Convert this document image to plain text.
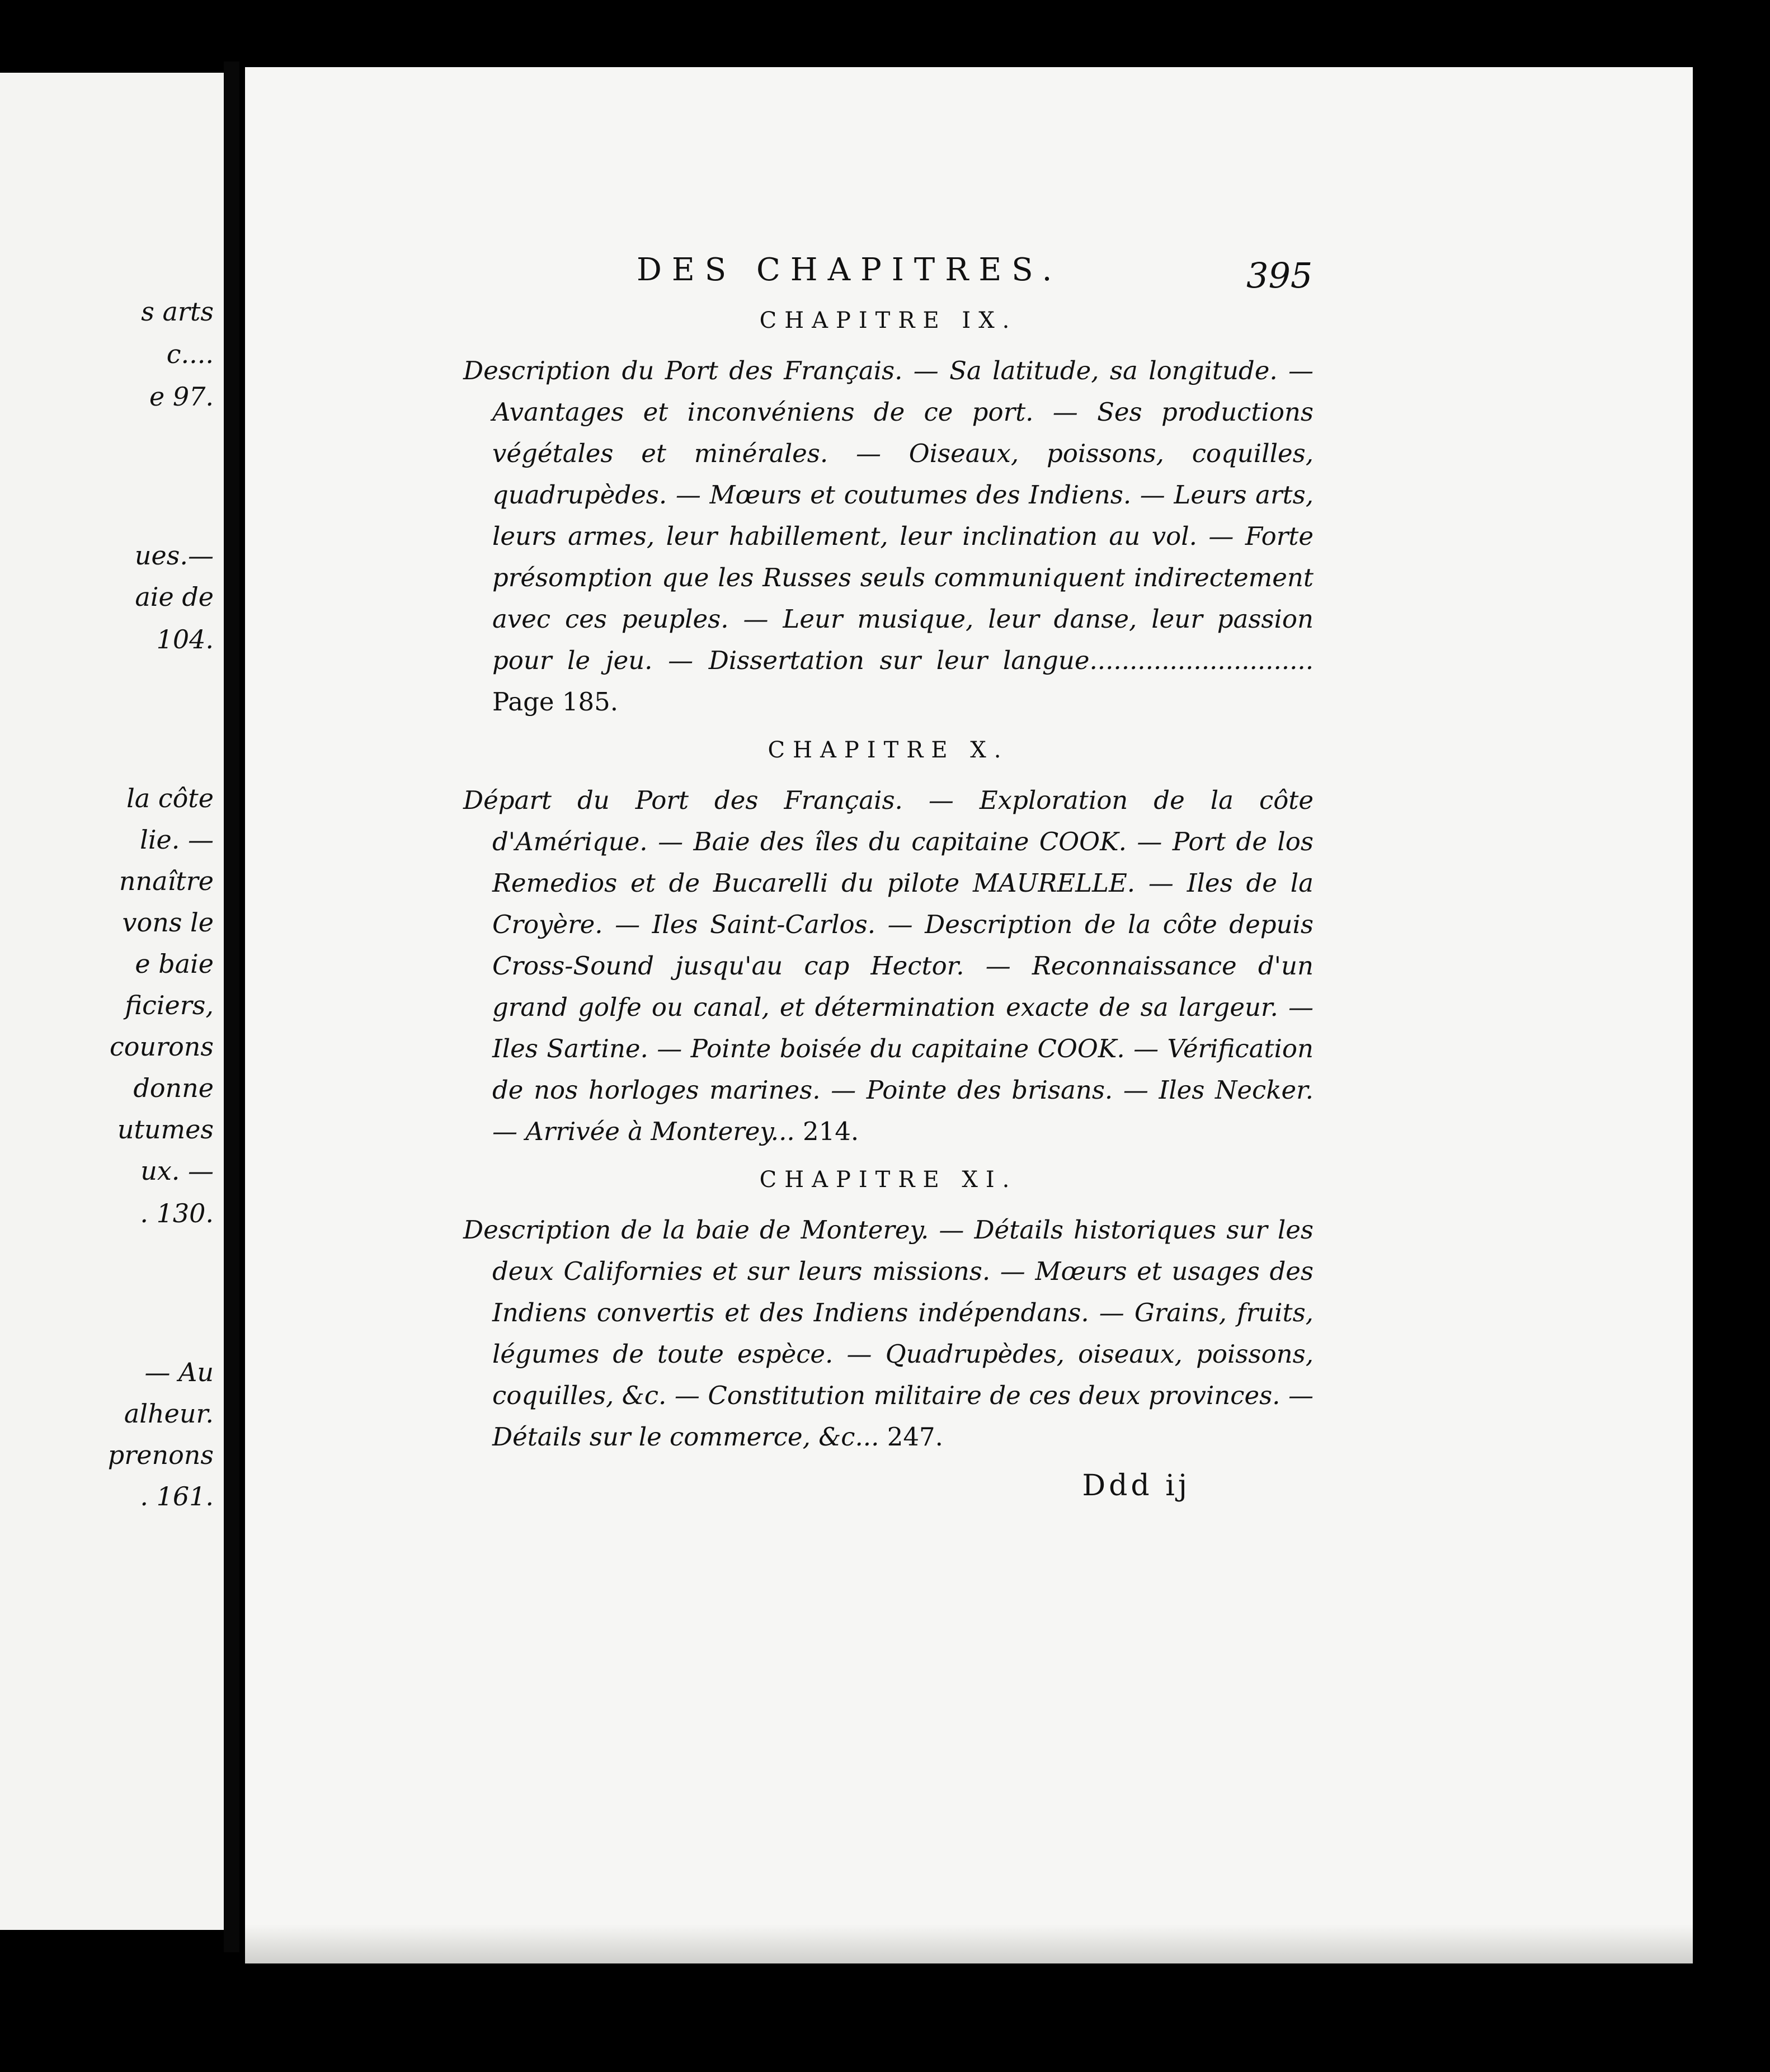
s arts
c....
e 97.
ues.—
aie de
104.
la côte
lie. —
nnaître
vons le
e baie
ficiers,
courons
donne
utumes
ux. —
. 130.
— Au
alheur.
prenons
. 161.
DES CHAPITRES.	395
CHAPITRE IX.
Description du Port des Français. — Sa latitude, sa longitude. — Avantages et inconvéniens de ce port. — Ses productions végétales et minérales. — Oiseaux, poissons, coquilles, quadrupèdes. — Mœurs et coutumes des Indiens. — Leurs arts, leurs armes, leur habillement, leur inclination au vol. — Forte présomption que les Russes seuls communiquent indirectement avec ces peuples. — Leur musique, leur danse, leur passion pour le jeu. — Dissertation sur leur langue............................ Page 185.
CHAPITRE X.
Départ du Port des Français. — Exploration de la côte d'Amérique. — Baie des îles du capitaine COOK. — Port de los Remedios et de Bucarelli du pilote MAURELLE. — Iles de la Croyère. — Iles Saint-Carlos. — Description de la côte depuis Cross-Sound jusqu'au cap Hector. — Reconnaissance d'un grand golfe ou canal, et détermination exacte de sa largeur. — Iles Sartine. — Pointe boisée du capitaine COOK. — Vérification de nos horloges marines. — Pointe des brisans. — Iles Necker. — Arrivée à Monterey... 214.
CHAPITRE XI.
Description de la baie de Monterey. — Détails historiques sur les deux Californies et sur leurs missions. — Mœurs et usages des Indiens convertis et des Indiens indépendans. — Grains, fruits, légumes de toute espèce. — Quadrupèdes, oiseaux, poissons, coquilles, &c. — Constitution militaire de ces deux provinces. — Détails sur le commerce, &c... 247.
Ddd ij
